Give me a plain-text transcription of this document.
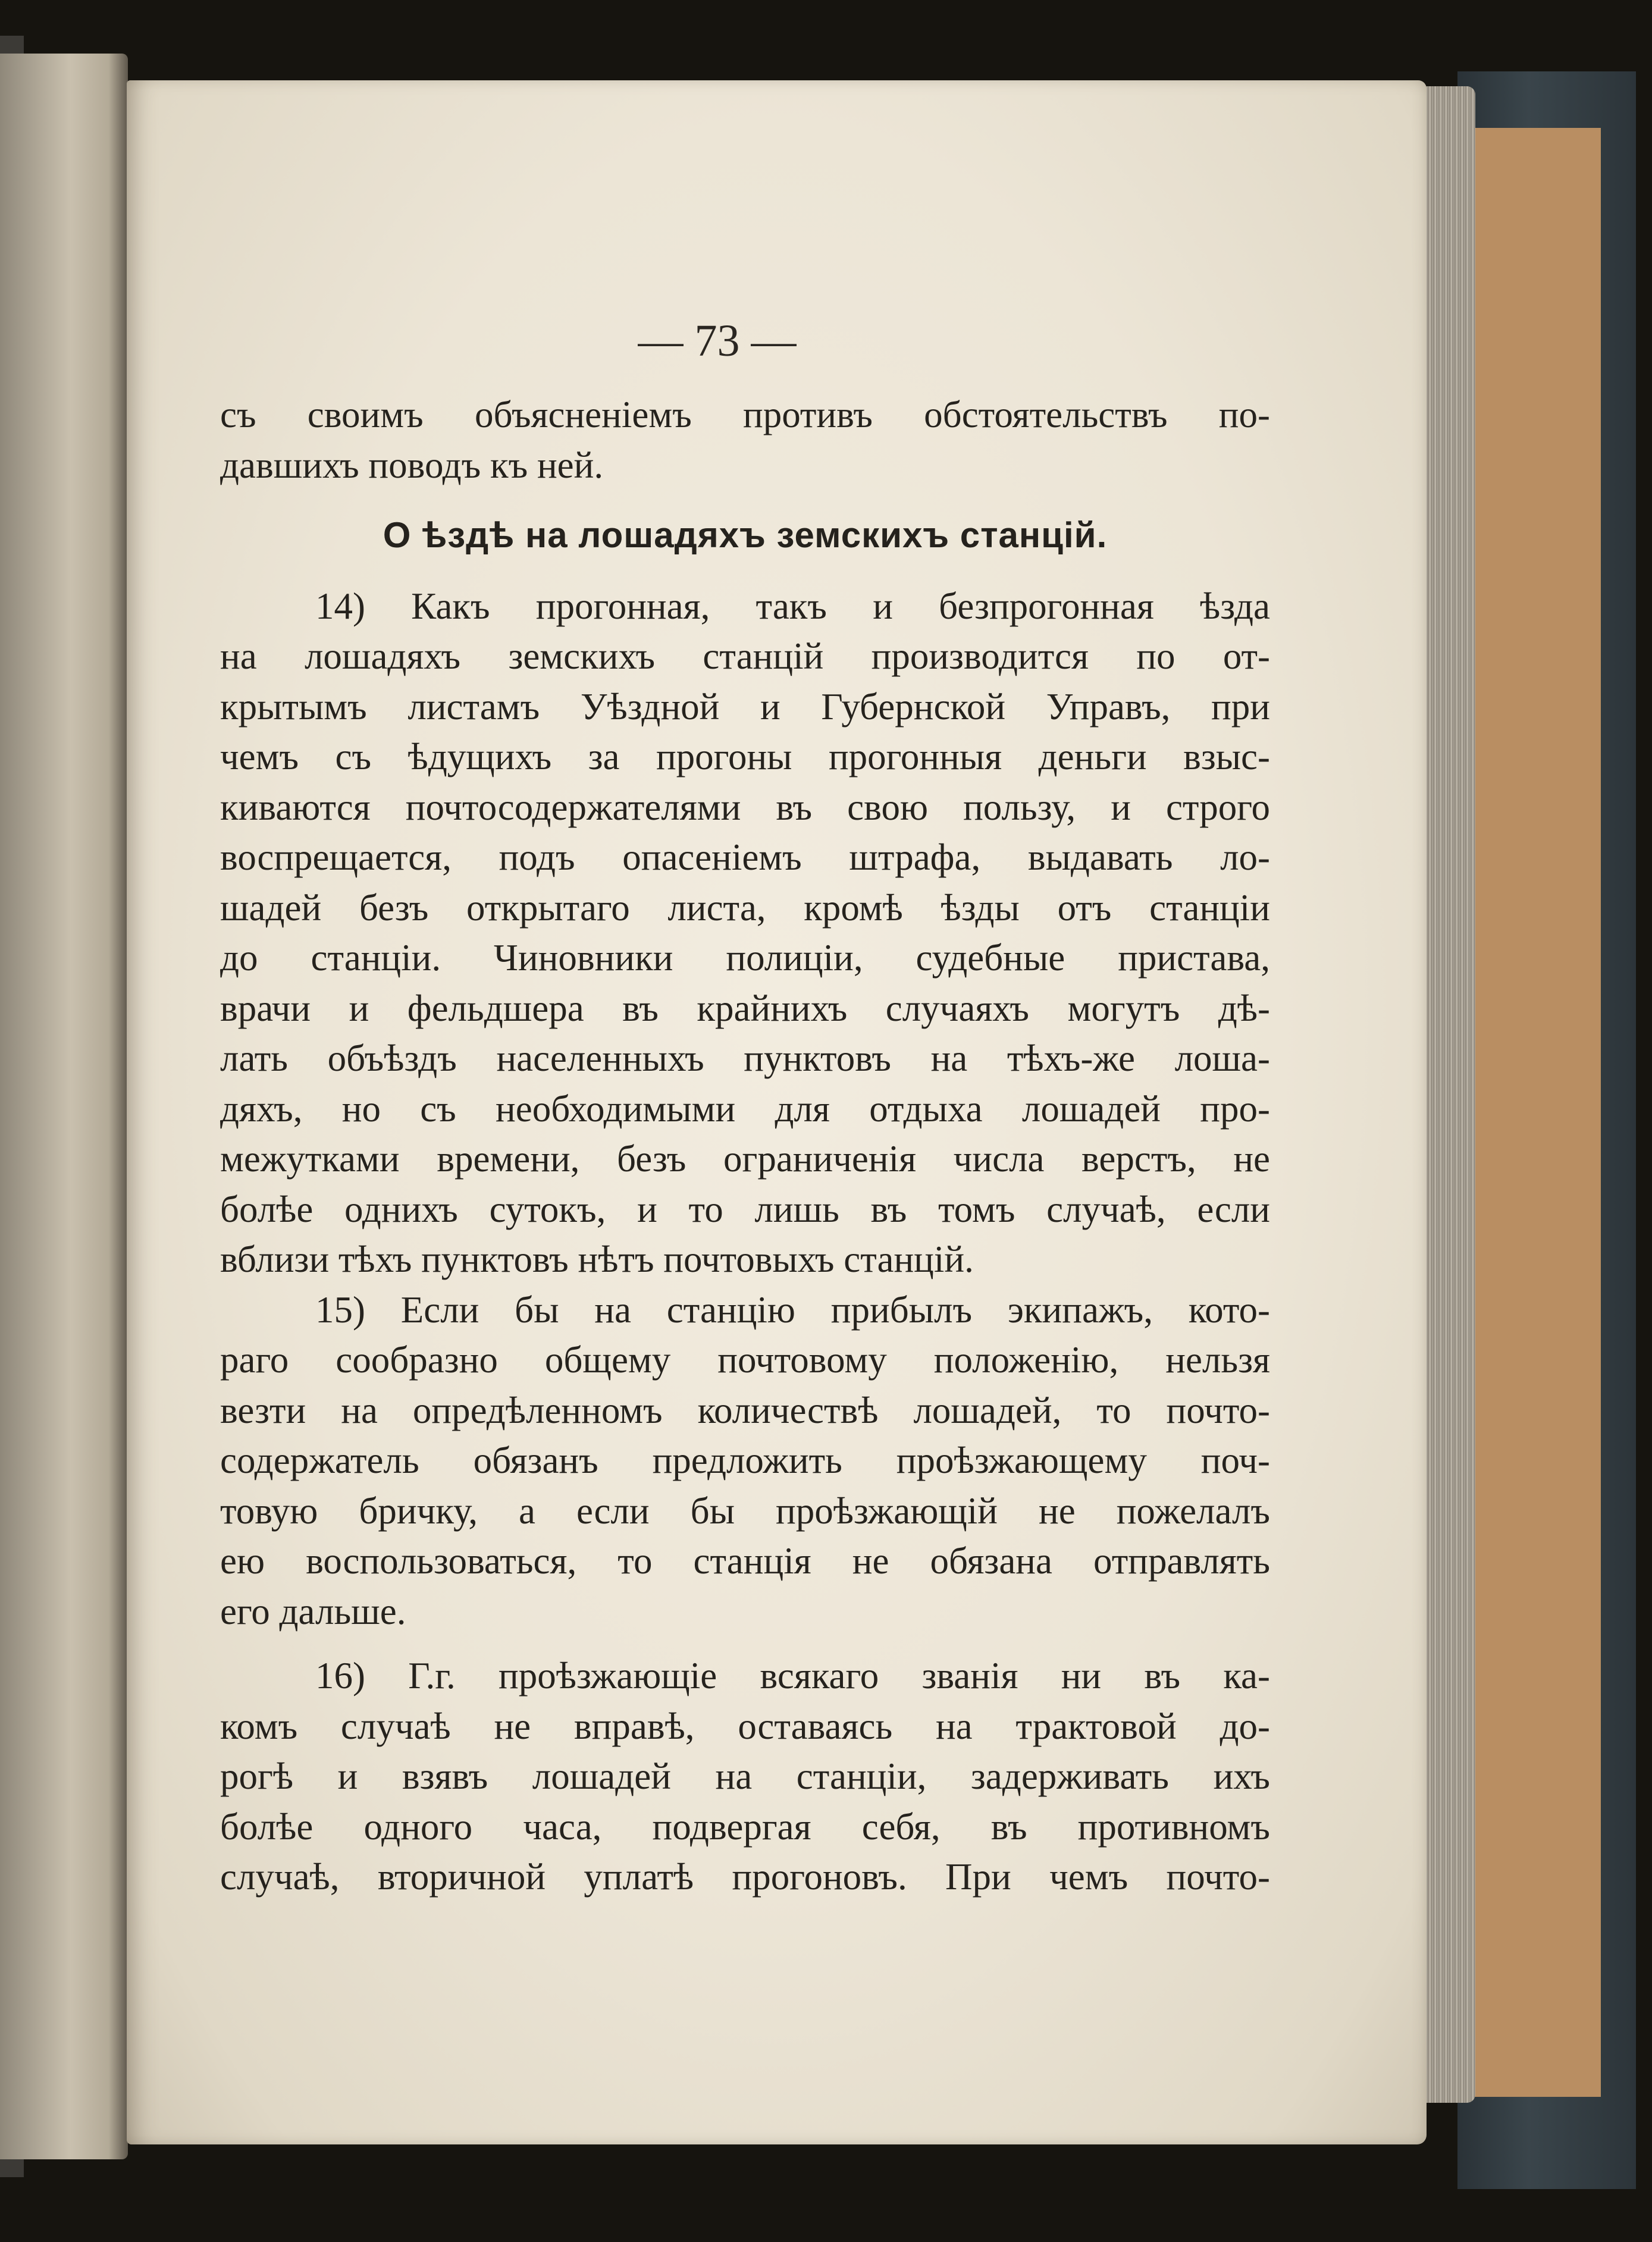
— 73 —
съ своимъ объясненіемъ противъ обстоятельствъ по-
давшихъ поводъ къ ней.
О ѣздѣ на лошадяхъ земскихъ станцій.
14) Какъ прогонная, такъ и безпрогонная ѣзда
на лошадяхъ земскихъ станцій производится по от-
крытымъ листамъ Уѣздной и Губернской Управъ, при
чемъ съ ѣдущихъ за прогоны прогонныя деньги взыс-
киваются почтосодержателями въ свою пользу, и строго
воспрещается, подъ опасеніемъ штрафа, выдавать ло-
шадей безъ открытаго листа, кромѣ ѣзды отъ станціи
до станціи. Чиновники полиціи, судебные пристава,
врачи и фельдшера въ крайнихъ случаяхъ могутъ дѣ-
лать объѣздъ населенныхъ пунктовъ на тѣхъ-же лоша-
дяхъ, но съ необходимыми для отдыха лошадей про-
межутками времени, безъ ограниченія числа верстъ, не
болѣе однихъ сутокъ, и то лишь въ томъ случаѣ, если
вблизи тѣхъ пунктовъ нѣтъ почтовыхъ станцій.
15) Если бы на станцію прибылъ экипажъ, кото-
раго сообразно общему почтовому положенію, нельзя
везти на опредѣленномъ количествѣ лошадей, то почто-
содержатель обязанъ предложить проѣзжающему поч-
товую бричку, а если бы проѣзжающій не пожелалъ
ею воспользоваться, то станція не обязана отправлять
его дальше.
16) Г.г. проѣзжающіе всякаго званія ни въ ка-
комъ случаѣ не вправѣ, оставаясь на трактовой до-
рогѣ и взявъ лошадей на станціи, задерживать ихъ
болѣе одного часа, подвергая себя, въ противномъ
случаѣ, вторичной уплатѣ прогоновъ. При чемъ почто-
